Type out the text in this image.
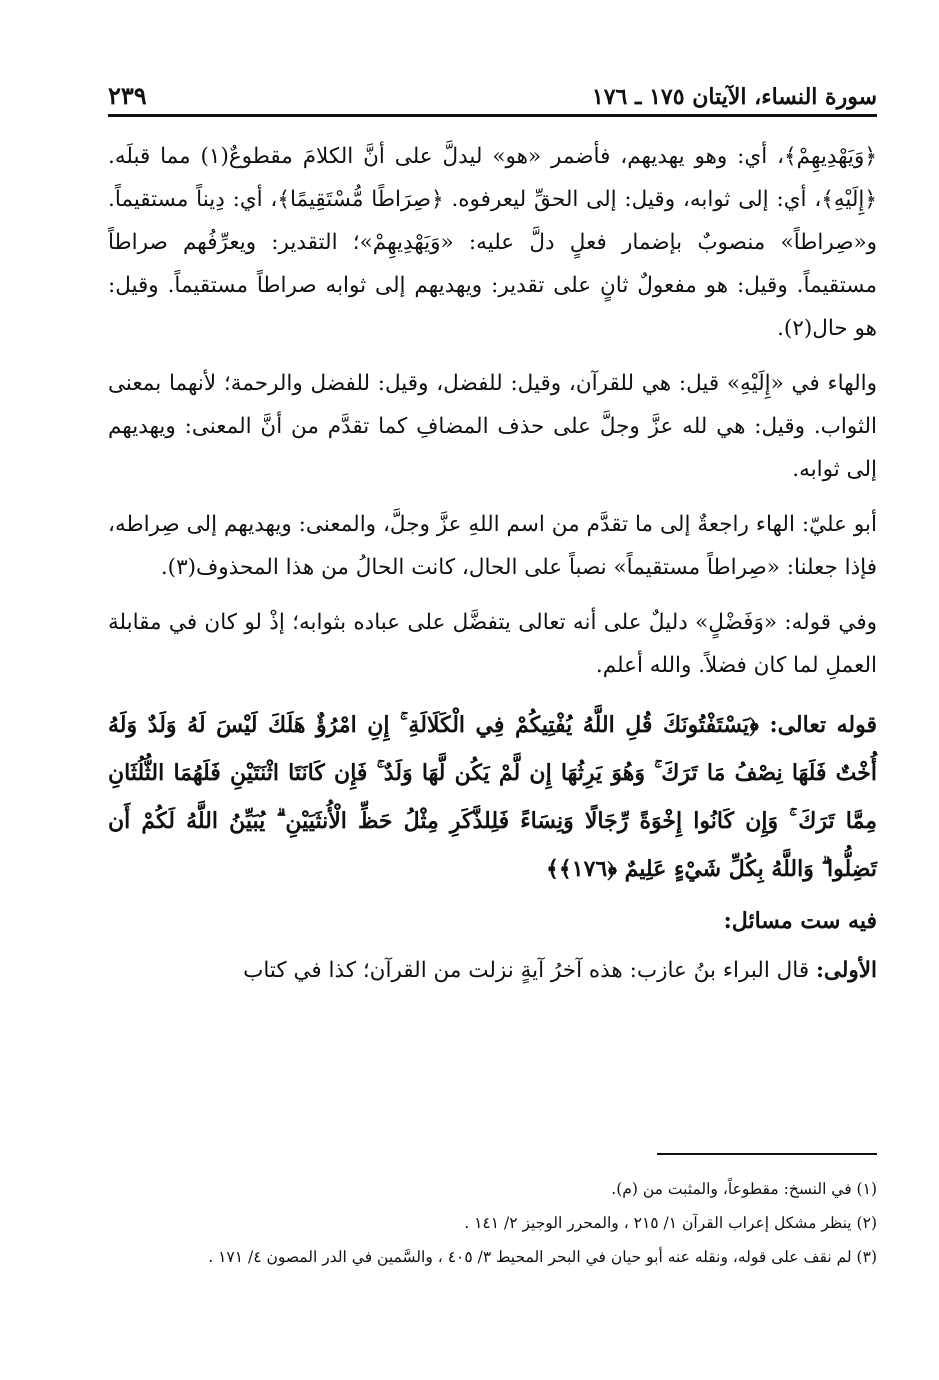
سورة النساء، الآيتان ١٧٥ ـ ١٧٦
٢٣٩

﴿وَيَهْدِيهِمْ﴾، أي: وهو يهديهم، فأضمر «هو» ليدلَّ على أنَّ الكلامَ مقطوعٌ(١) مما قبلَه. ﴿إِلَيْهِ﴾، أي: إلى ثوابه، وقيل: إلى الحقِّ ليعرفوه. ﴿صِرَاطًا مُّسْتَقِيمًا﴾، أي: دِيناً مستقيماً. و«صِراطاً» منصوبٌ بإضمار فعلٍ دلَّ عليه: «وَيَهْدِيهِمْ»؛ التقدير: ويعرِّفُهم صراطاً مستقيماً. وقيل: هو مفعولٌ ثانٍ على تقدير: ويهديهم إلى ثوابه صراطاً مستقيماً. وقيل: هو حال(٢).

والهاء في «إِلَيْهِ» قيل: هي للقرآن، وقيل: للفضل، وقيل: للفضل والرحمة؛ لأنهما بمعنى الثواب. وقيل: هي لله عزَّ وجلَّ على حذف المضافِ كما تقدَّم من أنَّ المعنى: ويهديهم إلى ثوابه.

أبو عليّ: الهاء راجعةٌ إلى ما تقدَّم من اسم اللهِ عزَّ وجلَّ، والمعنى: ويهديهم إلى صِراطه، فإذا جعلنا: «صِراطاً مستقيماً» نصباً على الحال، كانت الحالُ من هذا المحذوف(٣).

وفي قوله: «وَفَضْلٍ» دليلٌ على أنه تعالى يتفضَّل على عباده بثوابه؛ إذْ لو كان في مقابلة العملِ لما كان فضلاً. والله أعلم.

قوله تعالى: ﴿يَسْتَفْتُونَكَ قُلِ اللَّهُ يُفْتِيكُمْ فِي الْكَلَالَةِ ۚ إِنِ امْرُؤٌ هَلَكَ لَيْسَ لَهُ وَلَدٌ وَلَهُ أُخْتٌ فَلَهَا نِصْفُ مَا تَرَكَ ۚ وَهُوَ يَرِثُهَا إِن لَّمْ يَكُن لَّهَا وَلَدٌ ۚ فَإِن كَانَتَا اثْنَتَيْنِ فَلَهُمَا الثُّلُثَانِ مِمَّا تَرَكَ ۚ وَإِن كَانُوا إِخْوَةً رِّجَالًا وَنِسَاءً فَلِلذَّكَرِ مِثْلُ حَظِّ الْأُنثَيَيْنِ ۗ يُبَيِّنُ اللَّهُ لَكُمْ أَن تَضِلُّوا ۗ وَاللَّهُ بِكُلِّ شَيْءٍ عَلِيمٌ ﴿١٧٦﴾﴾
فيه ست مسائل:
الأولى: قال البراء بنُ عازب: هذه آخرُ آيةٍ نزلت من القرآن؛ كذا في كتاب
(١) في النسخ: مقطوعاً، والمثبت من (م).
(٢) ينظر مشكل إعراب القرآن ١/ ٢١٥ ، والمحرر الوجيز ٢/ ١٤١ .
(٣) لم نقف على قوله، ونقله عنه أبو حيان في البحر المحيط ٣/ ٤٠٥ ، والسَّمين في الدر المصون ٤/ ١٧١ .
